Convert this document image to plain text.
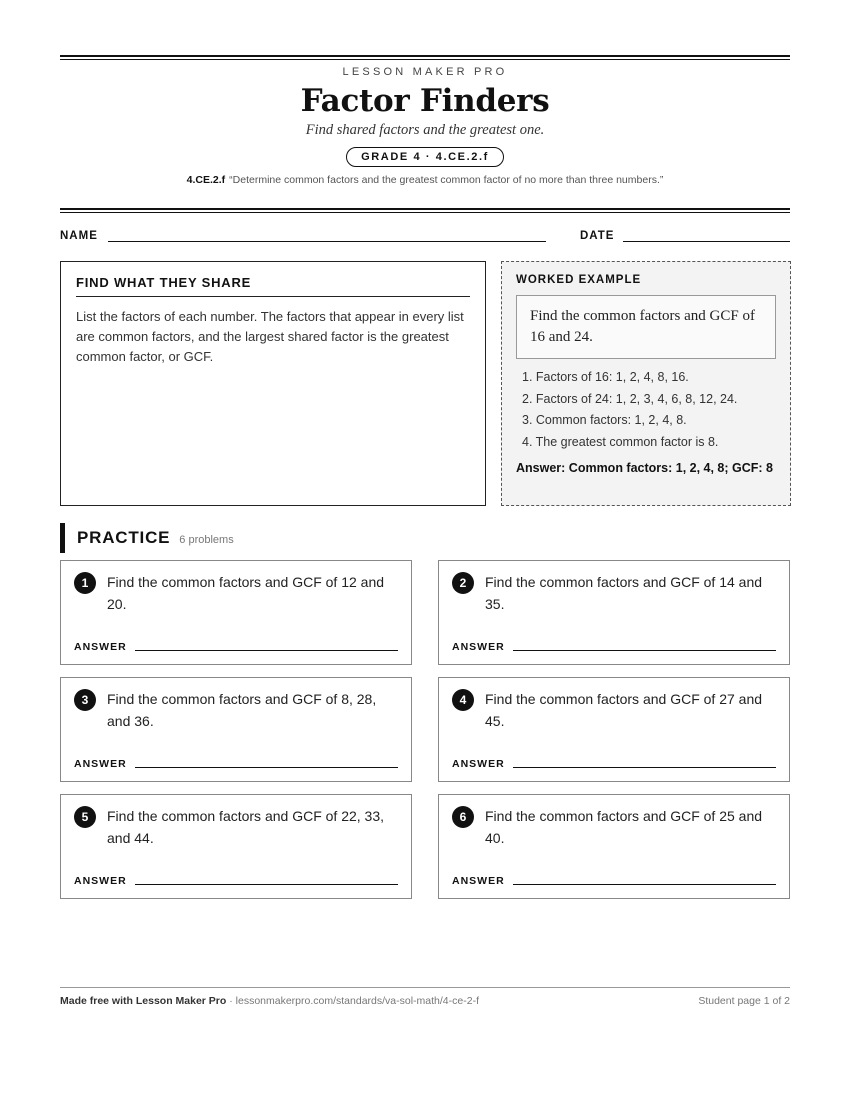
LESSON MAKER PRO
Factor Finders
Find shared factors and the greatest one.
GRADE 4 · 4.CE.2.f
4.CE.2.f “Determine common factors and the greatest common factor of no more than three numbers.”
NAME	DATE
FIND WHAT THEY SHARE

List the factors of each number. The factors that appear in every list are common factors, and the largest shared factor is the greatest common factor, or GCF.

WORKED EXAMPLE
Find the common factors and GCF of 16 and 24.
1. Factors of 16: 1, 2, 4, 8, 16.
2. Factors of 24: 1, 2, 3, 4, 6, 8, 12, 24.
3. Common factors: 1, 2, 4, 8.
4. The greatest common factor is 8.
Answer: Common factors: 1, 2, 4, 8; GCF: 8
PRACTICE 6 problems
1	Find the common factors and GCF of 12 and 20.
ANSWER
2	Find the common factors and GCF of 14 and 35.
ANSWER
3	Find the common factors and GCF of 8, 28, and 36.
ANSWER
4	Find the common factors and GCF of 27 and 45.
ANSWER
5	Find the common factors and GCF of 22, 33, and 44.
ANSWER
6	Find the common factors and GCF of 25 and 40.
ANSWER
Made free with Lesson Maker Pro · lessonmakerpro.com/standards/va-sol-math/4-ce-2-f	Student page 1 of 2
